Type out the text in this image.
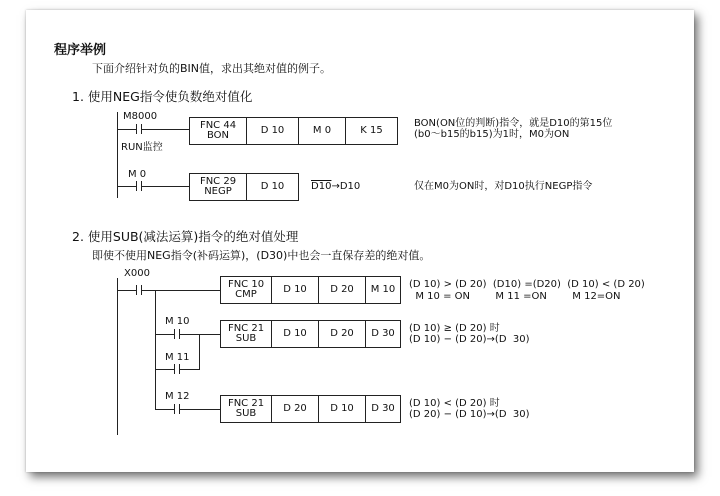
程序举例
下面介绍针对负的BIN值，求出其绝对值的例子。
1. 使用NEG指令使负数绝对值化
M8000
RUN监控
FNC 44
BON	D 10	M 0	K 15
BON(ON位的判断)指令，就是D10的第15位
(b0～b15的b15)为1时，M0为ON
M 0
FNC 29
NEGP	D 10	D10→D10	仅在M0为ON时，对D10执行NEGP指令
2. 使用SUB(减法运算)指令的绝对值处理
即使不使用NEG指令(补码运算)，(D30)中也会一直保存差的绝对值。
X000
FNC 10
CMP	D 10	D 20	M 10	(D 10) > (D 20)  (D10) =(D20)  (D 10) < (D 20)
M 10 = ON        M 11 =ON        M 12=ON
M 10
M 11
FNC 21
SUB	D 10	D 20	D 30	(D 10) ≥ (D 20) 时
(D 10) − (D 20)→(D  30)
M 12
FNC 21
SUB	D 20	D 10	D 30	(D 10) < (D 20) 时
(D 20) − (D 10)→(D  30)
